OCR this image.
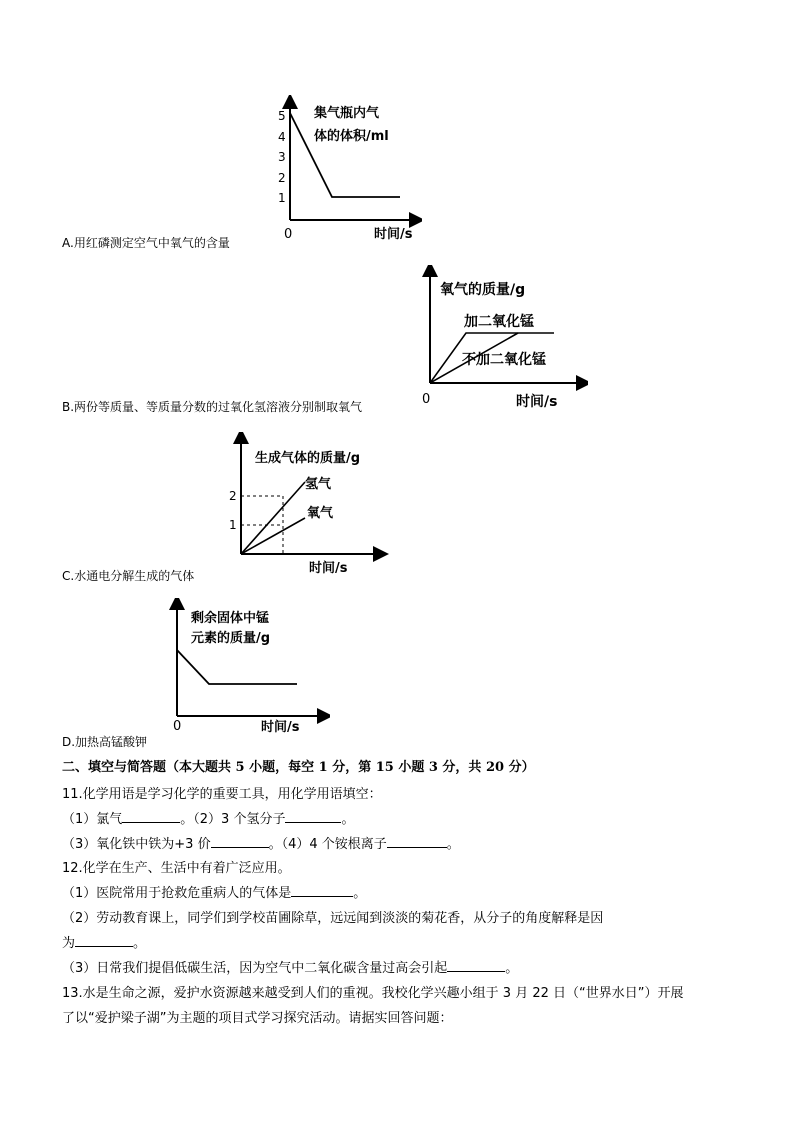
1
2
3
4
5 集气瓶内气
体的体积/ml
0	时间/s
A.用红磷测定空气中氧气的含量
氧气的质量/g
加二氧化锰
不加二氧化锰
0	时间/s
B.两份等质量、等质量分数的过氧化氢溶液分别制取氧气
2
1
生成气体的质量/g
氢气
氧气
时间/s
C.水通电分解生成的气体
剩余固体中锰
元素的质量/g
0	时间/s
D.加热高锰酸钾
二、填空与简答题（本大题共 5 小题，每空 1 分，第 15 小题 3 分，共 20 分）
11.化学用语是学习化学的重要工具，用化学用语填空：
（1）氯气	。（2）3 个氢分子	。
（3）氧化铁中铁为+3 价	。（4）4 个铵根离子	。
12.化学在生产、生活中有着广泛应用。
（1）医院常用于抢救危重病人的气体是	。
（2）劳动教育课上，同学们到学校苗圃除草，远远闻到淡淡的菊花香，从分子的角度解释是因
为	。
（3）日常我们提倡低碳生活，因为空气中二氧化碳含量过高会引起	。
13.水是生命之源，爱护水资源越来越受到人们的重视。我校化学兴趣小组于 3 月 22 日（“世界水日”）开展
了以“爱护梁子湖”为主题的项目式学习探究活动。请据实回答问题：
